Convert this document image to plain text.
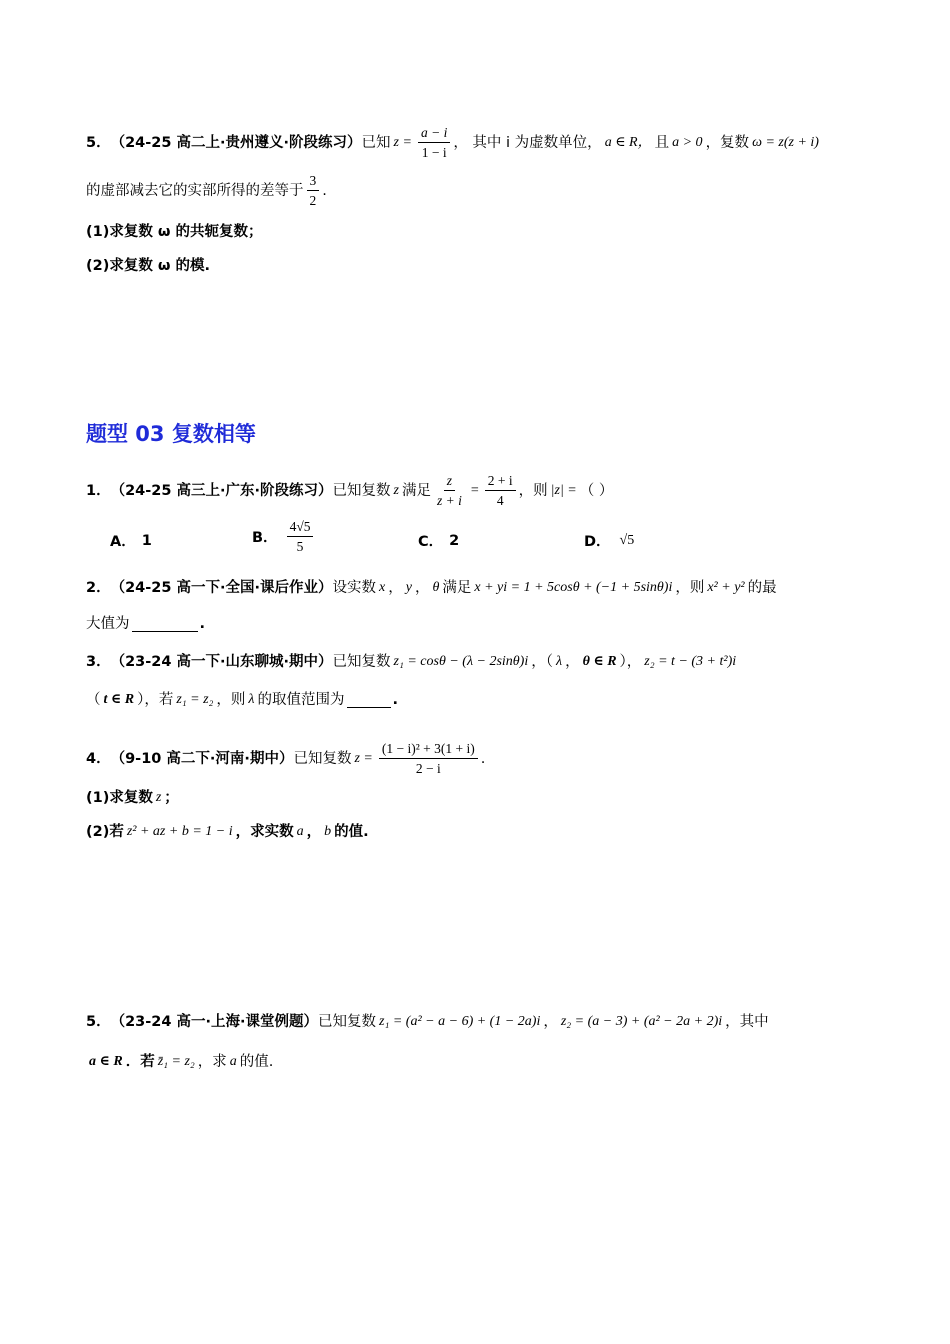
5． （24-25 高二上·贵州遵义·阶段练习） 已知 $z = \frac{a - i}{1 - i}$ ， 其中 i 为虚数单位， a ∈ R， 且 a > 0 ，复数 ω = z(z + i)
的虚部减去它的实部所得的差等于 $\frac{3}{2}$ .
(1)求复数 ω 的共轭复数；
(2)求复数 ω 的模.
题型 03 复数相等
1． （24-25 高三上·广东·阶段练习） 已知复数 z 满足 $\frac{z}{z + i} = \frac{2 + i}{4}$ ，则 |z| = （ ）
A． 1	B． $\frac{4√5}{5}$	C． 2	D． √5
2． （24-25 高一下·全国·课后作业） 设实数 x ， y ， θ 满足 x + yi = 1 + 5cosθ + (−1 + 5sinθ)i ，则 x² + y² 的最
大值为	.
3． （23-24 高一下·山东聊城·期中） 已知复数 z₁ = cosθ − (λ − 2sinθ)i ，（ λ ， θ ∈ R ）， z₂ = t − (3 + t²)i
（ t ∈ R ），若 z₁ = z₂ ，则 λ 的取值范围为	.
4． （9-10 高二下·河南·期中） 已知复数 $z = \frac{\text{(1 − i)² + 3(1 + i)}}{2 - i}$ .
(1)求复数 z ；
(2)若 z² + az + b = 1 − i ，求实数 a ， b 的值.
5． （23-24 高一·上海·课堂例题） 已知复数 z₁ = (a² − a − 6) + (1 − 2a)i ， z₂ = (a − 3) + (a² − 2a + 2)i ，其中
a ∈ R ．若 z̄₁ = z₂ ，求 a 的值.
